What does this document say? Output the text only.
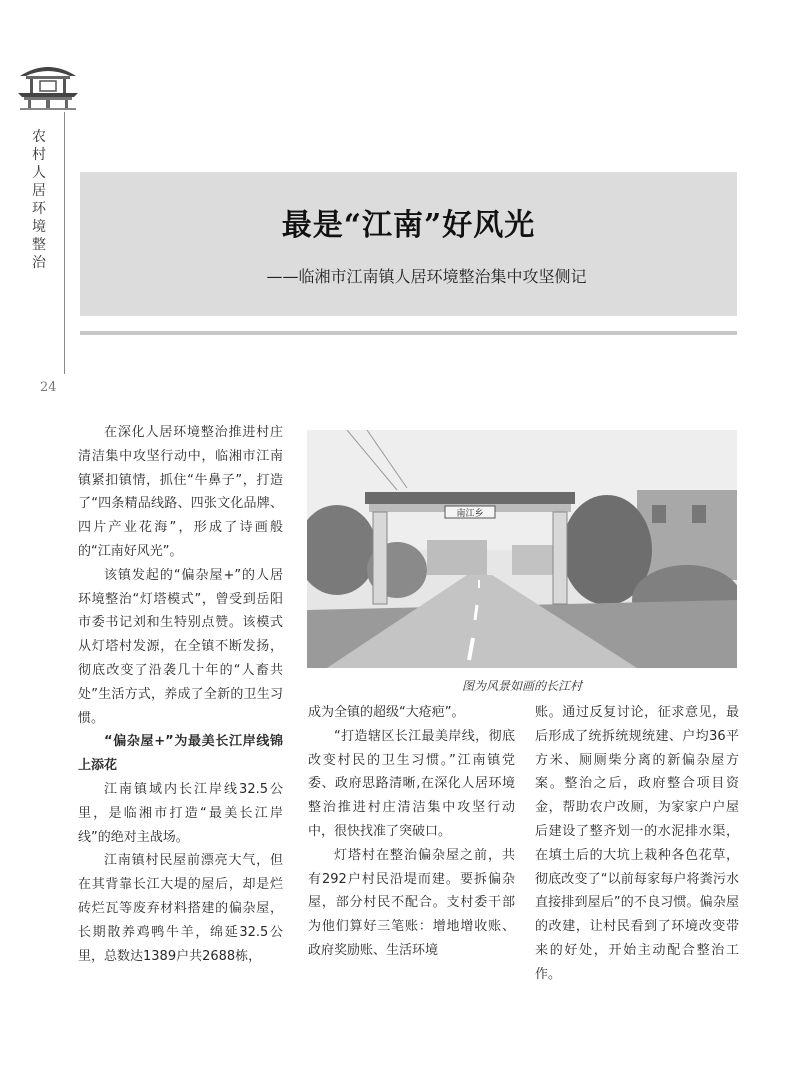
农村人居环境整治
24
最是“江南”好风光
——临湘市江南镇人居环境整治集中攻坚侧记

在深化人居环境整治推进村庄清洁集中攻坚行动中，临湘市江南镇紧扣镇情，抓住“牛鼻子”，打造了“四条精品线路、四张文化品牌、四片产业花海”，形成了诗画般的“江南好风光”。

该镇发起的“偏杂屋+”的人居环境整治“灯塔模式”，曾受到岳阳市委书记刘和生特别点赞。该模式从灯塔村发源，在全镇不断发扬，彻底改变了沿袭几十年的“人畜共处”生活方式，养成了全新的卫生习惯。

“偏杂屋+”为最美长江岸线锦上添花

江南镇域内长江岸线32.5公里，是临湘市打造“最美长江岸线”的绝对主战场。

江南镇村民屋前漂亮大气，但在其背靠长江大堤的屋后，却是烂砖烂瓦等废弃材料搭建的偏杂屋，长期散养鸡鸭牛羊，绵延32.5公里，总数达1389户共2688栋，

南江乡
图为风景如画的长江村

成为全镇的超级“大疮疤”。

“打造辖区长江最美岸线，彻底改变村民的卫生习惯。”江南镇党委、政府思路清晰,在深化人居环境整治推进村庄清洁集中攻坚行动中，很快找准了突破口。

灯塔村在整治偏杂屋之前，共有292户村民沿堤而建。要拆偏杂屋，部分村民不配合。支村委干部为他们算好三笔账：增地增收账、政府奖励账、生活环境

账。通过反复讨论，征求意见，最后形成了统拆统规统建、户均36平方米、厕厕柴分离的新偏杂屋方案。整治之后，政府整合项目资金，帮助农户改厕，为家家户户屋后建设了整齐划一的水泥排水渠，在填土后的大坑上栽种各色花草，彻底改变了“以前每家每户将粪污水直接排到屋后”的不良习惯。偏杂屋的改建，让村民看到了环境改变带来的好处，开始主动配合整治工作。
